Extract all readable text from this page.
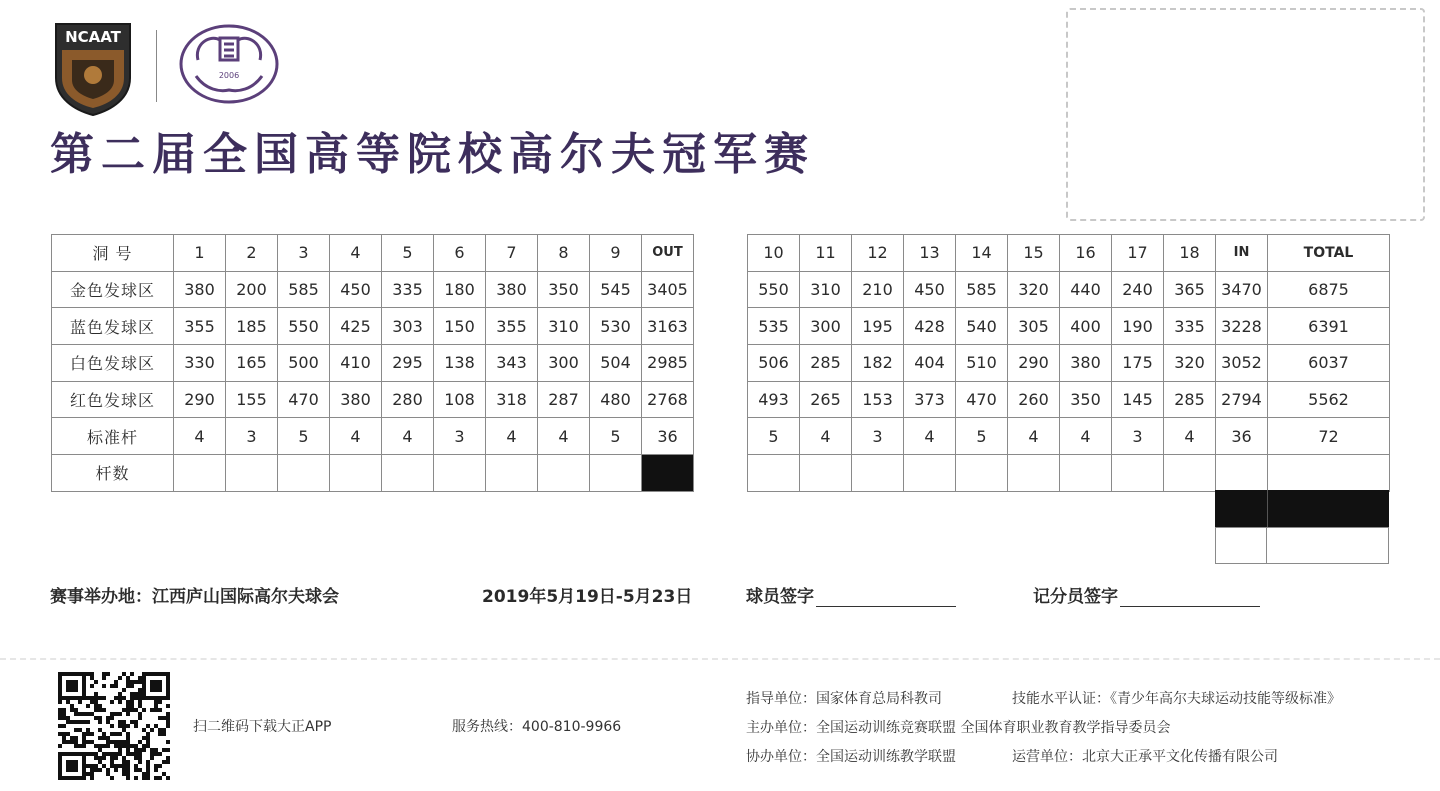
NCAAT
2006
第二届全国高等院校高尔夫冠军赛
洞 号	1	2	3	4	5	6	7	8	9	OUT
金色发球区	380	200	585	450	335	180	380	350	545	3405
蓝色发球区	355	185	550	425	303	150	355	310	530	3163
白色发球区	330	165	500	410	295	138	343	300	504	2985
红色发球区	290	155	470	380	280	108	318	287	480	2768
标准杆	4	3	5	4	4	3	4	4	5	36
杆数										
10	11	12	13	14	15	16	17	18	IN	TOTAL
550	310	210	450	585	320	440	240	365	3470	6875
535	300	195	428	540	305	400	190	335	3228	6391
506	285	182	404	510	290	380	175	320	3052	6037
493	265	153	373	470	260	350	145	285	2794	5562
5	4	3	4	5	4	4	3	4	36	72

赛事举办地：江西庐山国际高尔夫球会	2019年5月19日-5月23日	球员签字	记分员签字
扫二维码下载大正APP	服务热线：400-810-9966
指导单位：国家体育总局科教司	技能水平认证：《青少年高尔夫球运动技能等级标准》
主办单位：全国运动训练竞赛联盟 全国体育职业教育教学指导委员会
协办单位：全国运动训练教学联盟	运营单位：北京大正承平文化传播有限公司
